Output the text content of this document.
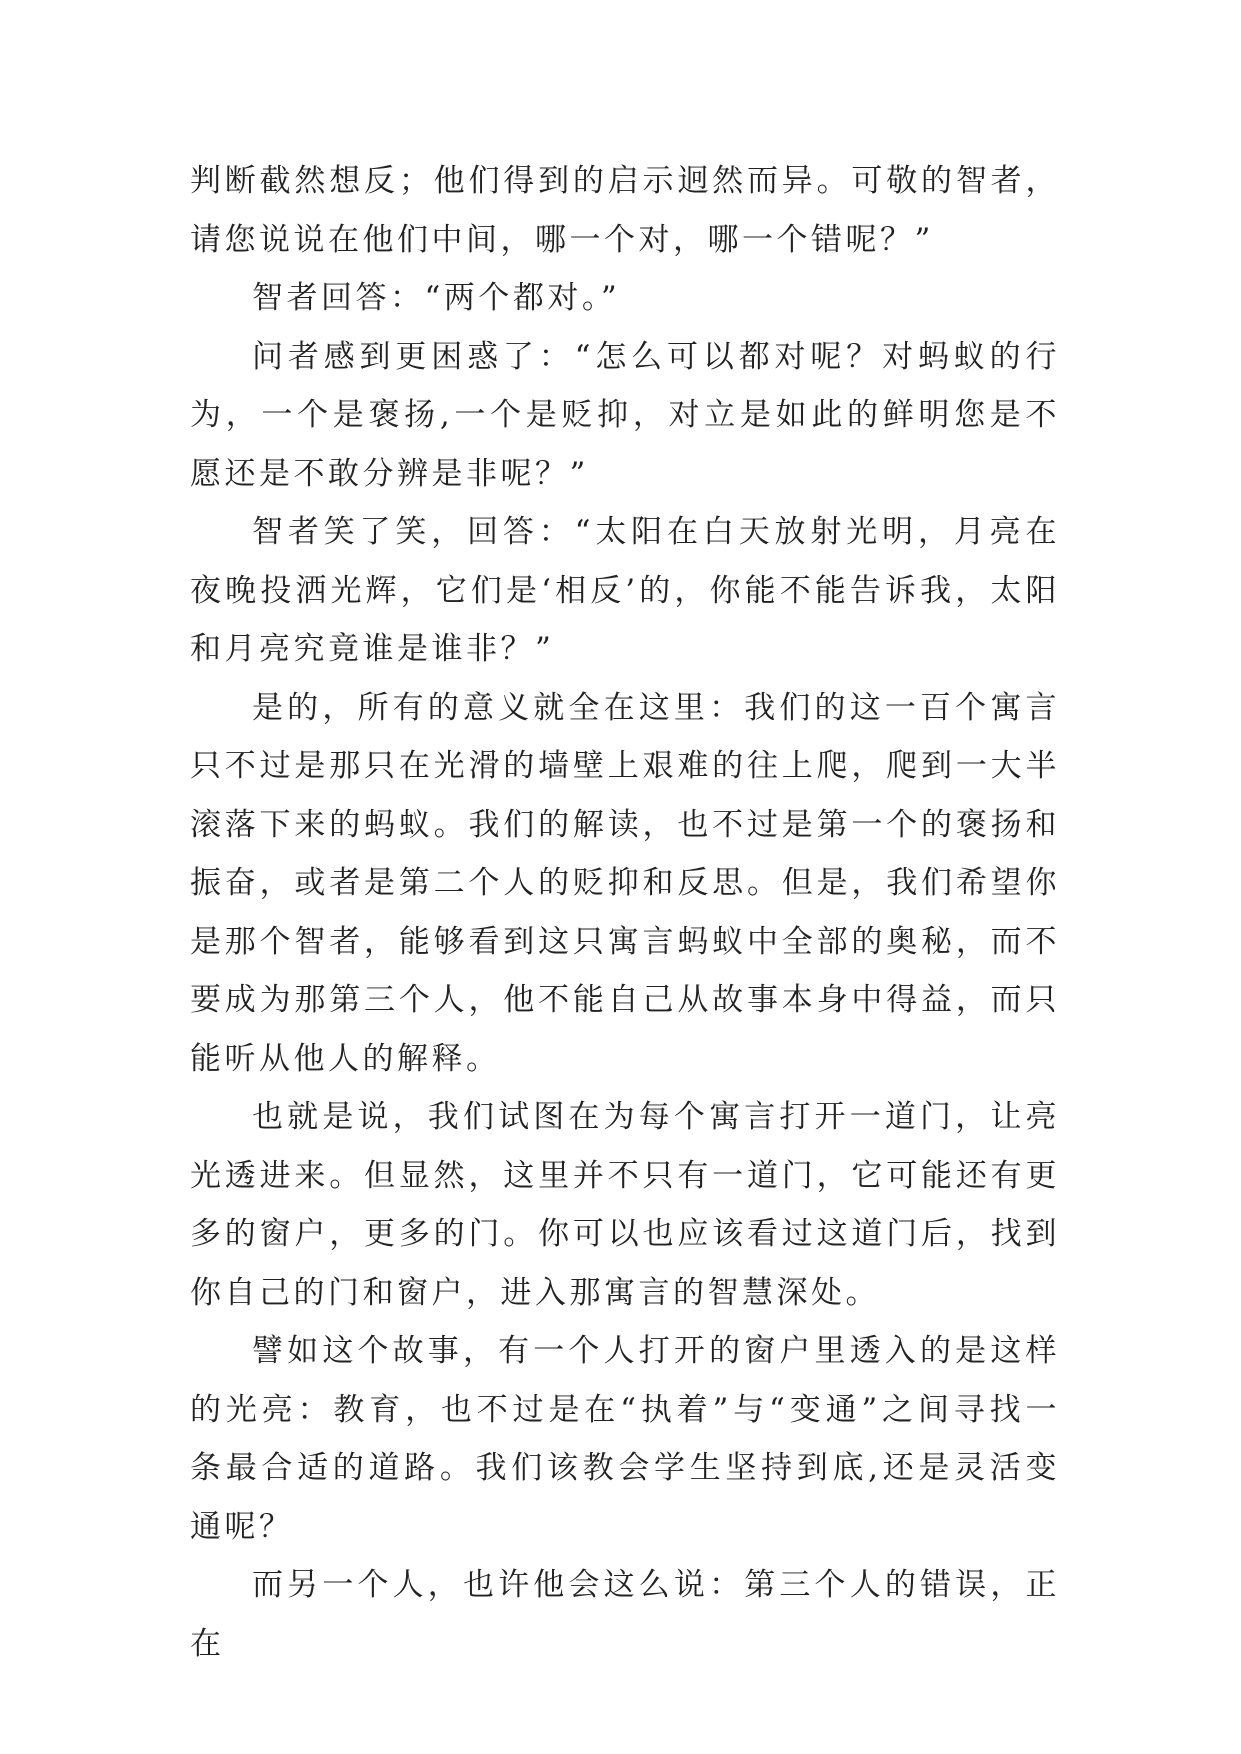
判断截然想反；他们得到的启示迥然而异。可敬的智者，请您说说在他们中间，哪一个对，哪一个错呢？”

智者回答：“两个都对。”

问者感到更困惑了：“怎么可以都对呢？对蚂蚁的行为，一个是褒扬,一个是贬抑，对立是如此的鲜明您是不愿还是不敢分辨是非呢？”

智者笑了笑，回答：“太阳在白天放射光明，月亮在夜晚投洒光辉，它们是‘相反’的，你能不能告诉我，太阳和月亮究竟谁是谁非？”

是的，所有的意义就全在这里：我们的这一百个寓言只不过是那只在光滑的墙壁上艰难的往上爬，爬到一大半滚落下来的蚂蚁。我们的解读，也不过是第一个的褒扬和振奋，或者是第二个人的贬抑和反思。但是，我们希望你是那个智者，能够看到这只寓言蚂蚁中全部的奥秘，而不要成为那第三个人，他不能自己从故事本身中得益，而只能听从他人的解释。

也就是说，我们试图在为每个寓言打开一道门，让亮光透进来。但显然，这里并不只有一道门，它可能还有更多的窗户，更多的门。你可以也应该看过这道门后，找到你自己的门和窗户，进入那寓言的智慧深处。

譬如这个故事，有一个人打开的窗户里透入的是这样的光亮：教育，也不过是在“执着”与“变通”之间寻找一条最合适的道路。我们该教会学生坚持到底,还是灵活变通呢？

而另一个人，也许他会这么说：第三个人的错误，正在
